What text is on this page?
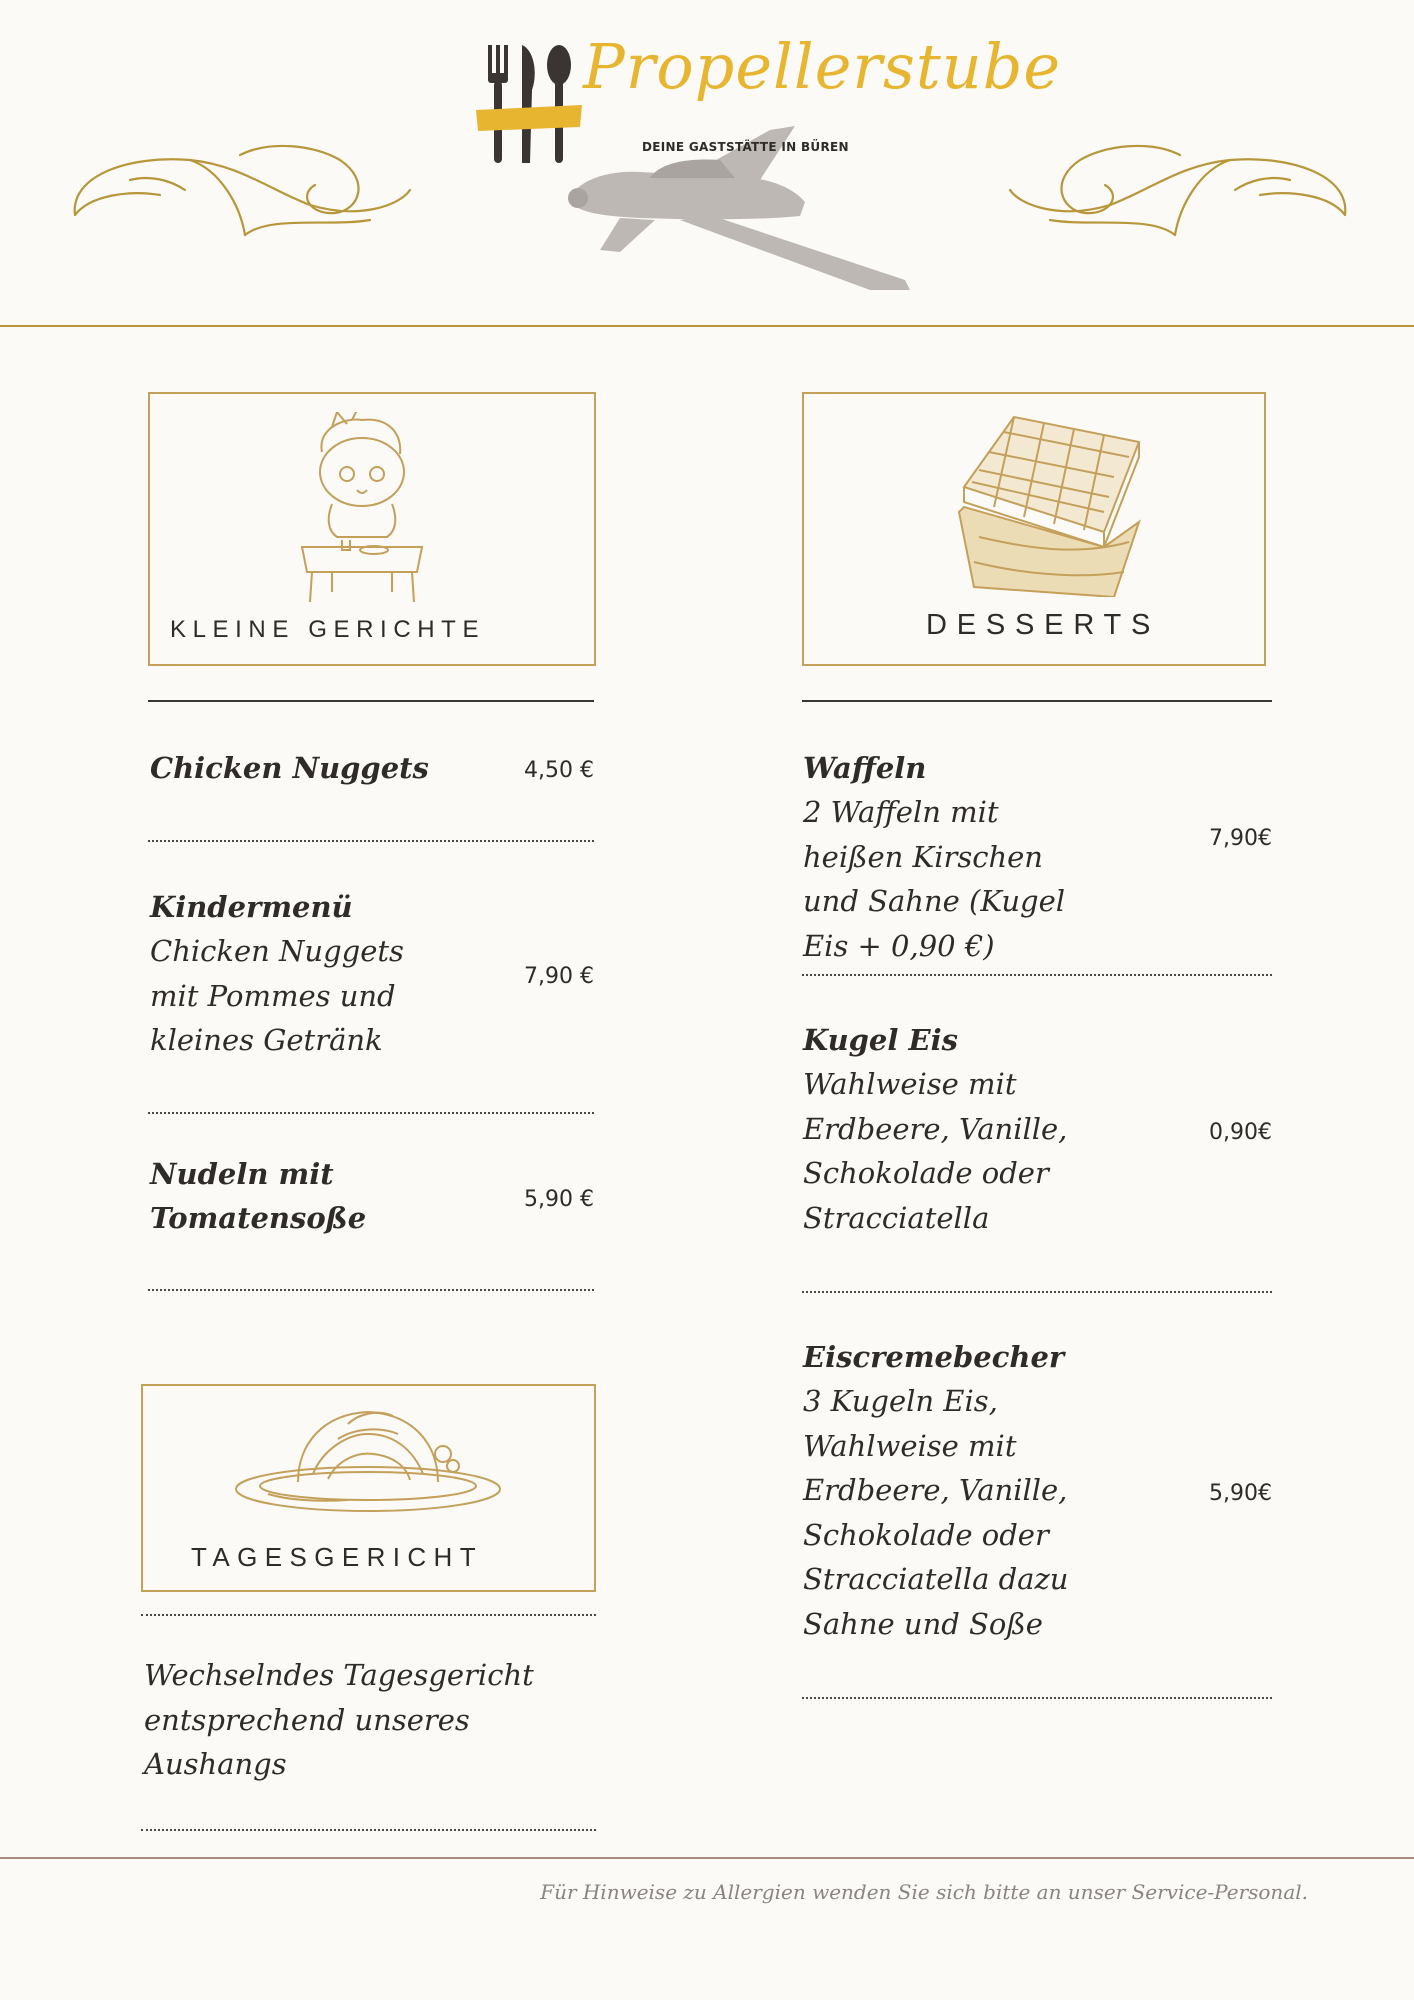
Propellerstube
DEINE GASTSTÄTTE IN BÜREN
KLEINE GERICHTE
Chicken Nuggets	4,50 €
Kindermenü
Chicken Nuggets mit Pommes und kleines Getränk
7,90 €
Nudeln mit Tomatensoße
5,90 €
TAGESGERICHT
Wechselndes Tagesgericht entsprechend unseres Aushangs
DESSERTS
Waffeln
2 Waffeln mit heißen Kirschen und Sahne (Kugel Eis + 0,90 €)
7,90€
Kugel Eis
Wahlweise mit Erdbeere, Vanille, Schokolade oder Stracciatella
0,90€
Eiscremebecher
3 Kugeln Eis, Wahlweise mit Erdbeere, Vanille, Schokolade oder Stracciatella dazu Sahne und Soße
5,90€
Für Hinweise zu Allergien wenden Sie sich bitte an unser Service-Personal.
